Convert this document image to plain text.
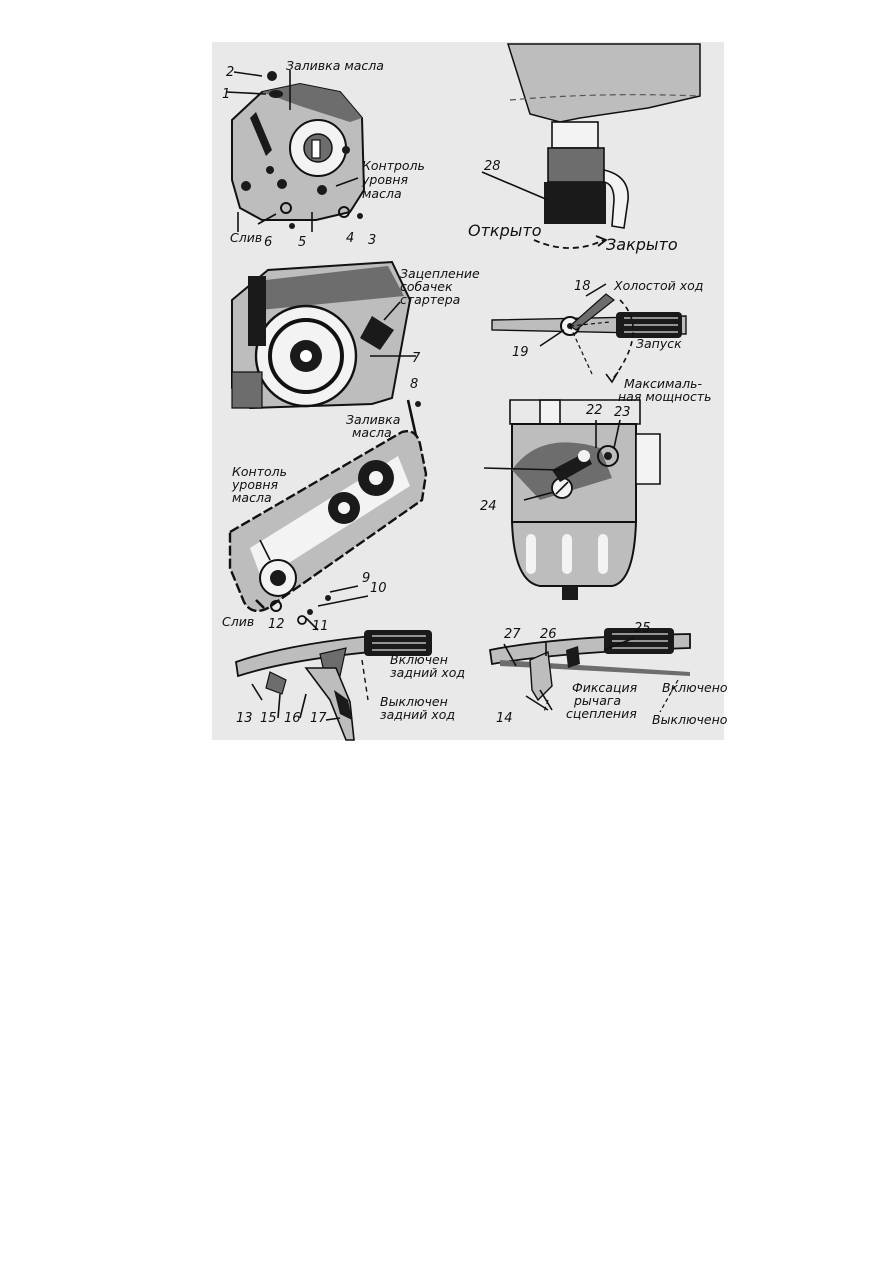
2
1
Заливка масла
Контроль
уровня
масла
Слив 6 5	4 3
28
Открыто
Закрыто
Зацепление
собачек
стартера
7
Холостой ход
18
19
Запуск
Максималь-
ная мощность
8
Заливка
масла
Контоль
уровня
масла
9
10
Слив 12 11
22 23
24
Включен
задний ход
Выключен
задний ход
13 15 16 17
27 26	25
Фиксация
рычага
сцепления
Включено
Выключено
14
